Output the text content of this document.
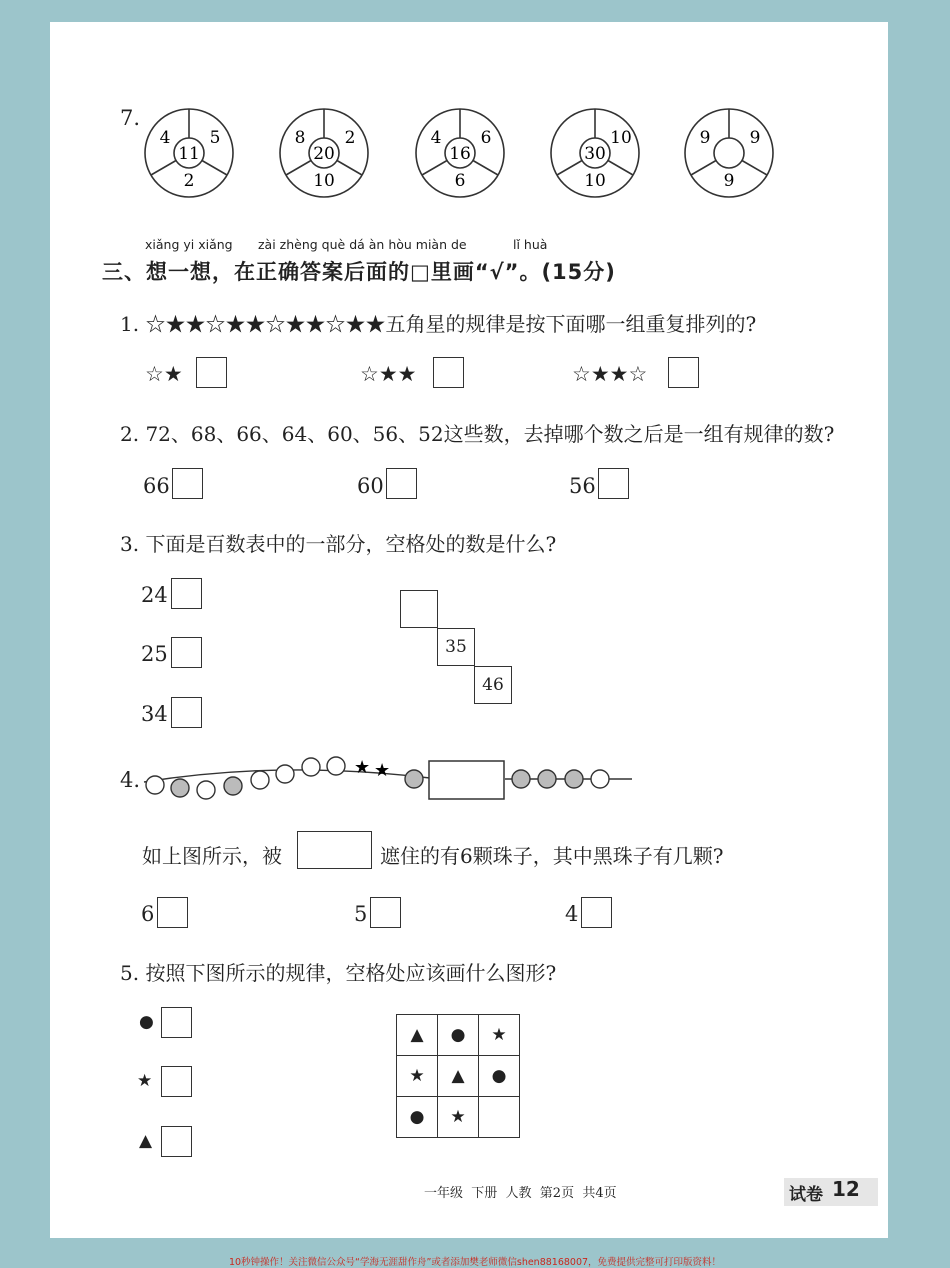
7.
4 5
11
2
8 2
20
10
4 6
16
6
10
30
10
9 9
9
xiǎng yi xiǎng zài zhèng què dá àn hòu miàn de	lǐ huà
三、想一想，在正确答案后面的□里画“√”。(15分)
1. ☆★★☆★★☆★★☆★★五角星的规律是按下面哪一组重复排列的?
☆★	☆★★	☆★★☆
2. 72、68、66、64、60、56、52这些数，去掉哪个数之后是一组有规律的数?
66	60	56
3. 下面是百数表中的一部分，空格处的数是什么?
24
25
34
35
46
4.
★ ★
如上图所示，被	遮住的有6颗珠子，其中黑珠子有几颗?
6	5	4
5. 按照下图所示的规律，空格处应该画什么图形?
●
★
▲
▲	●	★
★	▲	●
●	★	
一年级  下册  人教  第2页  共4页	试卷 12
10秒钟操作！关注微信公众号“学海无涯甜作舟”或者添加樊老师微信shen88168007，免费提供完整可打印版资料！
